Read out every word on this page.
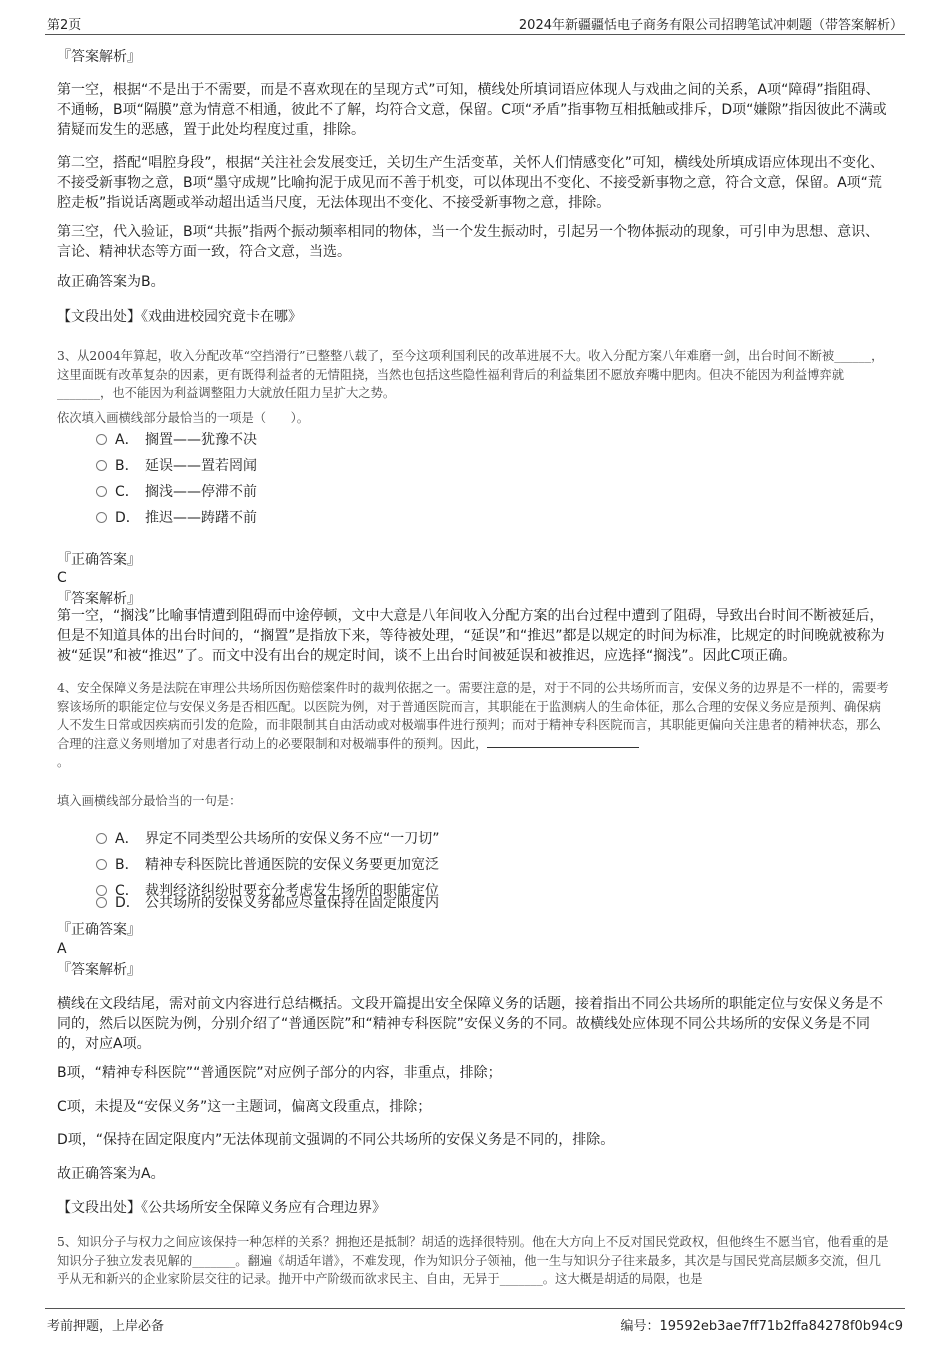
第2页	2024年新疆疆恬电子商务有限公司招聘笔试冲刺题（带答案解析）

『答案解析』

第一空，根据“不是出于不需要，而是不喜欢现在的呈现方式”可知，横线处所填词语应体现人与戏曲之间的关系，A项“障碍”指阻碍、不通畅，B项“隔膜”意为情意不相通，彼此不了解，均符合文意，保留。C项“矛盾”指事物互相抵触或排斥，D项“嫌隙”指因彼此不满或猜疑而发生的恶感，置于此处均程度过重，排除。

第二空，搭配“唱腔身段”，根据“关注社会发展变迁，关切生产生活变革，关怀人们情感变化”可知，横线处所填成语应体现出不变化、不接受新事物之意，B项“墨守成规”比喻拘泥于成见而不善于机变，可以体现出不变化、不接受新事物之意，符合文意，保留。A项“荒腔走板”指说话离题或举动超出适当尺度，无法体现出不变化、不接受新事物之意，排除。

第三空，代入验证，B项“共振”指两个振动频率相同的物体，当一个发生振动时，引起另一个物体振动的现象，可引申为思想、意识、言论、精神状态等方面一致，符合文意，当选。

故正确答案为B。

【文段出处】《戏曲进校园究竟卡在哪》

3、从2004年算起，收入分配改革“空挡滑行”已整整八载了，至今这项利国利民的改革进展不大。收入分配方案八年难磨一剑，出台时间不断被______，这里面既有改革复杂的因素，更有既得利益者的无情阻挠，当然也包括这些隐性福利背后的利益集团不愿放弃嘴中肥肉。但决不能因为利益博弈就_______，也不能因为利益调整阻力大就放任阻力呈扩大之势。

依次填入画横线部分最恰当的一项是（　　）。

A． 搁置——犹豫不决
B． 延误——置若罔闻
C． 搁浅——停滞不前
D． 推迟——踌躇不前

『正确答案』

C

『答案解析』

第一空，“搁浅”比喻事情遭到阻碍而中途停顿，文中大意是八年间收入分配方案的出台过程中遭到了阻碍，导致出台时间不断被延后，但是不知道具体的出台时间的，“搁置”是指放下来，等待被处理，“延误”和“推迟”都是以规定的时间为标准，比规定的时间晚就被称为被“延误”和被“推迟”了。而文中没有出台的规定时间，谈不上出台时间被延误和被推迟，应选择“搁浅”。因此C项正确。

4、安全保障义务是法院在审理公共场所因伤赔偿案件时的裁判依据之一。需要注意的是，对于不同的公共场所而言，安保义务的边界是不一样的，需要考察该场所的职能定位与安保义务是否相匹配。以医院为例，对于普通医院而言，其职能在于监测病人的生命体征，那么合理的安保义务应是预判、确保病人不发生日常或因疾病而引发的危险，而非限制其自由活动或对极端事件进行预判；而对于精神专科医院而言，其职能更偏向关注患者的精神状态，那么合理的注意义务则增加了对患者行动上的必要限制和对极端事件的预判。因此，
。

填入画横线部分最恰当的一句是：

A． 界定不同类型公共场所的安保义务不应“一刀切”
B． 精神专科医院比普通医院的安保义务要更加宽泛
C． 裁判经济纠纷时要充分考虑发生场所的职能定位
D． 公共场所的安保义务都应尽量保持在固定限度内

『正确答案』

A

『答案解析』

横线在文段结尾，需对前文内容进行总结概括。文段开篇提出安全保障义务的话题，接着指出不同公共场所的职能定位与安保义务是不同的，然后以医院为例，分别介绍了“普通医院”和“精神专科医院”安保义务的不同。故横线处应体现不同公共场所的安保义务是不同的，对应A项。

B项，“精神专科医院”“普通医院”对应例子部分的内容，非重点，排除；

C项，未提及“安保义务”这一主题词，偏离文段重点，排除；

D项，“保持在固定限度内”无法体现前文强调的不同公共场所的安保义务是不同的，排除。

故正确答案为A。

【文段出处】《公共场所安全保障义务应有合理边界》

5、知识分子与权力之间应该保持一种怎样的关系？拥抱还是抵制？胡适的选择很特别。他在大方向上不反对国民党政权，但他终生不愿当官，他看重的是知识分子独立发表见解的_______。翻遍《胡适年谱》，不难发现，作为知识分子领袖，他一生与知识分子往来最多，其次是与国民党高层颇多交流，但几乎从无和新兴的企业家阶层交往的记录。抛开中产阶级而欲求民主、自由，无异于_______。这大概是胡适的局限，也是

考前押题，上岸必备	编号：19592eb3ae7ff71b2ffa84278f0b94c9
